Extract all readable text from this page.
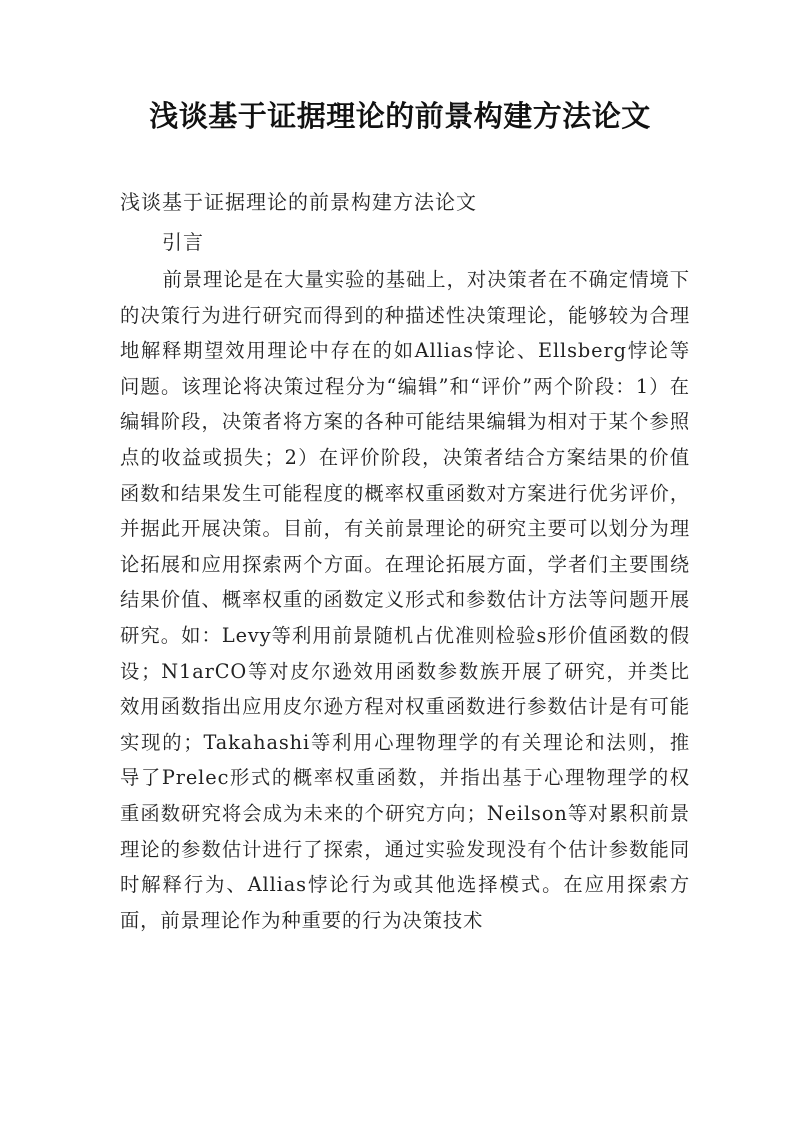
浅谈基于证据理论的前景构建方法论文
浅谈基于证据理论的前景构建方法论文
引言
前景理论是在大量实验的基础上，对决策者在不确定情境下的决策行为进行研究而得到的种描述性决策理论，能够较为合理地解释期望效用理论中存在的如Allias悖论、Ellsberg悖论等问题。该理论将决策过程分为“编辑”和“评价”两个阶段：1）在编辑阶段，决策者将方案的各种可能结果编辑为相对于某个参照点的收益或损失；2）在评价阶段，决策者结合方案结果的价值函数和结果发生可能程度的概率权重函数对方案进行优劣评价，并据此开展决策。目前，有关前景理论的研究主要可以划分为理论拓展和应用探索两个方面。在理论拓展方面，学者们主要围绕结果价值、概率权重的函数定义形式和参数估计方法等问题开展研究。如：Levy等利用前景随机占优准则检验s形价值函数的假设；N1arCO等对皮尔逊效用函数参数族开展了研究，并类比效用函数指出应用皮尔逊方程对权重函数进行参数估计是有可能实现的；Takahashi等利用心理物理学的有关理论和法则，推导了Prelec形式的概率权重函数，并指出基于心理物理学的权重函数研究将会成为未来的个研究方向；Neilson等对累积前景理论的参数估计进行了探索，通过实验发现没有个估计参数能同时解释行为、Allias悖论行为或其他选择模式。在应用探索方面，前景理论作为种重要的行为决策技术
